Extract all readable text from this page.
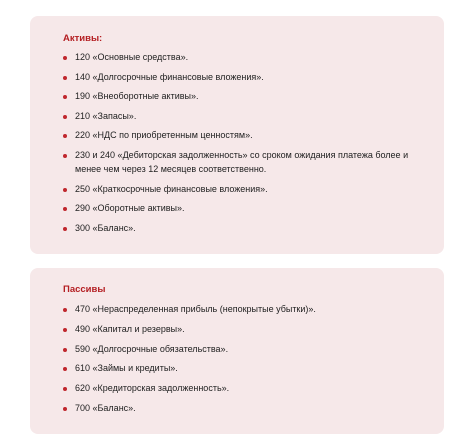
Активы:

120 «Основные средства».
140 «Долгосрочные финансовые вложения».
190 «Внеоборотные активы».
210 «Запасы».
220 «НДС по приобретенным ценностям».
230 и 240 «Дебиторская задолженность» со сроком ожидания платежа более и менее чем через 12 месяцев соответственно.
250 «Краткосрочные финансовые вложения».
290 «Оборотные активы».
300 «Баланс».

Пассивы

470 «Нераспределенная прибыль (непокрытые убытки)».
490 «Капитал и резервы».
590 «Долгосрочные обязательства».
610 «Займы и кредиты».
620 «Кредиторская задолженность».
700 «Баланс».
